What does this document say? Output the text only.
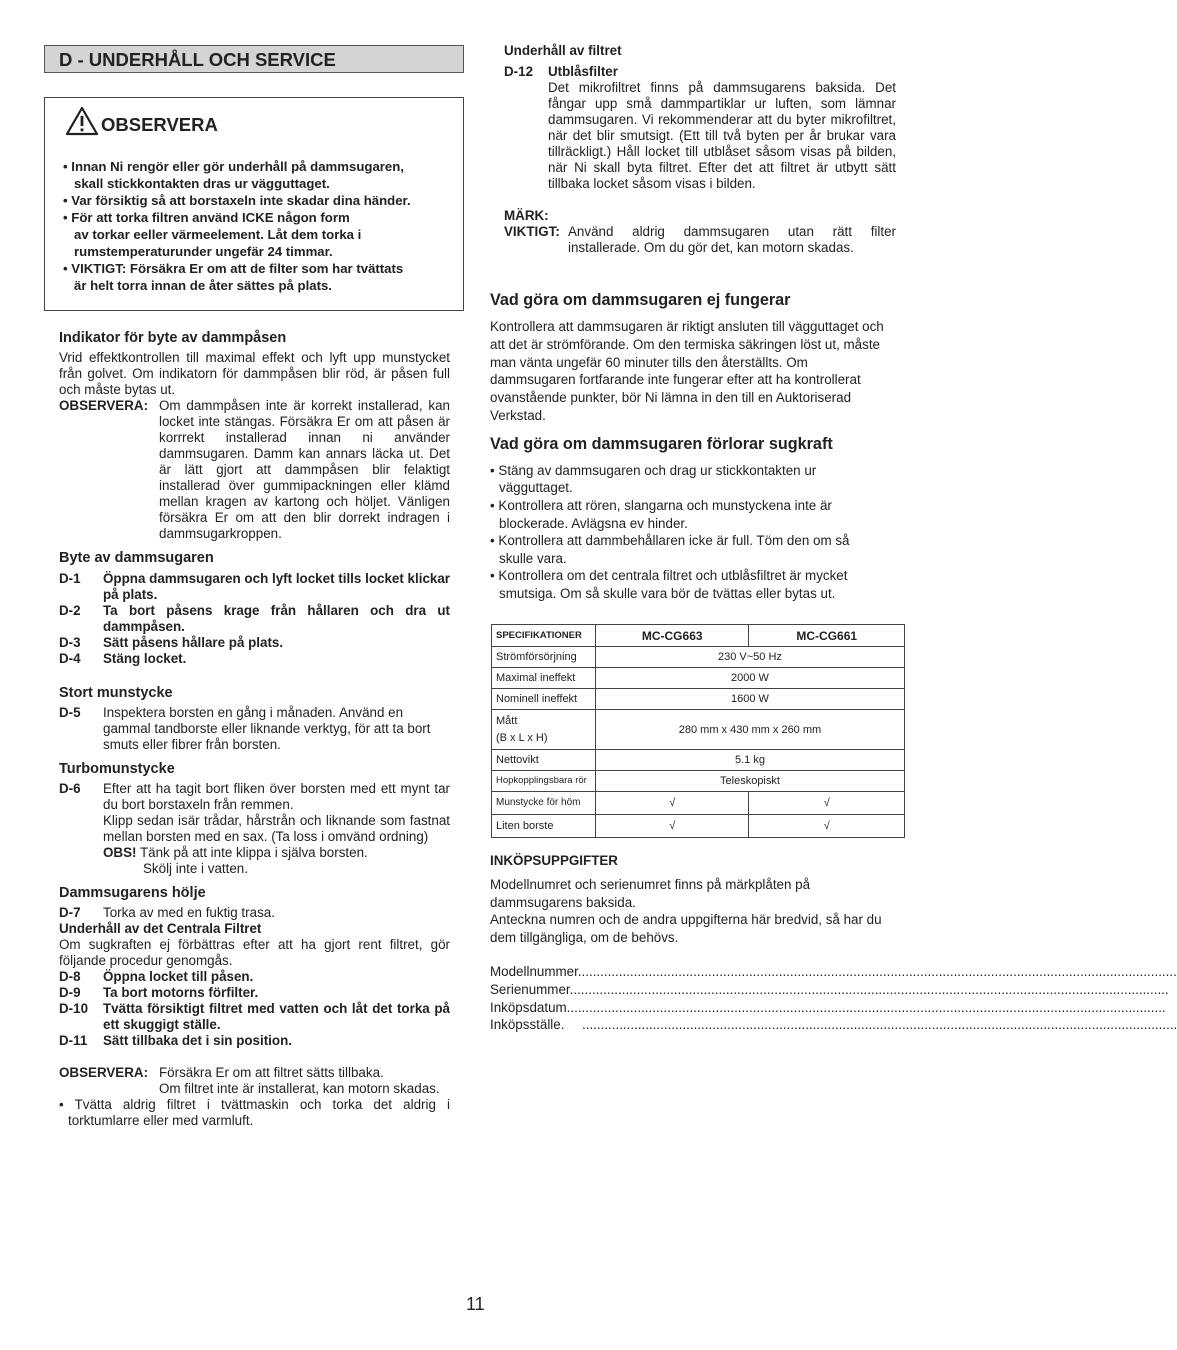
D - UNDERHÅLL OCH SERVICE
OBSERVERA
• Innan Ni rengör eller gör underhåll på dammsugaren,
skall stickkontakten dras ur vägguttaget.
• Var försiktig så att borstaxeln inte skadar dina händer.
• För att torka filtren använd ICKE någon form
av torkar eeller värmeelement. Låt dem torka i rumstemperaturunder ungefär 24 timmar.
• VIKTIGT: Försäkra Er om att de filter som har tvättats
är helt torra innan de åter sättes på plats.
Indikator för byte av dammpåsen
Vrid effektkontrollen till maximal effekt och lyft upp munstycket från golvet. Om indikatorn för dammpåsen blir röd, är påsen full och måste bytas ut.
OBSERVERA: Om dammpåsen inte är korrekt installerad, kan locket inte stängas. Försäkra Er om att påsen är korrrekt installerad innan ni använder dammsugaren. Damm kan annars läcka ut. Det är lätt gjort att dammpåsen blir felaktigt installerad över gummipackningen eller klämd mellan kragen av kartong och höljet. Vänligen försäkra Er om att den blir dorrekt indragen i dammsugarkroppen.
Byte av dammsugaren
D-1	Öppna dammsugaren och lyft locket tills locket klickar på plats.
D-2	Ta bort påsens krage från hållaren och dra ut dammpåsen.
D-3	Sätt påsens hållare på plats.
D-4	Stäng locket.
Stort munstycke
D-5	Inspektera borsten en gång i månaden. Använd en gammal tandborste eller liknande verktyg, för att ta bort smuts eller fibrer från borsten.
Turbomunstycke
D-6	Efter att ha tagit bort fliken över borsten med ett mynt tar du bort borstaxeln från remmen.
Klipp sedan isär trådar, hårstrån och liknande som fastnat mellan borsten med en sax. (Ta loss i omvänd ordning)
OBS! Tänk på att inte klippa i själva borsten.
Skölj inte i vatten.
Dammsugarens hölje
D-7	Torka av med en fuktig trasa.
Underhåll av det Centrala Filtret
Om sugkraften ej förbättras efter att ha gjort rent filtret, gör följande procedur genomgås.
D-8	Öppna locket till påsen.
D-9	Ta bort motorns förfilter.
D-10	Tvätta försiktigt filtret med vatten och låt det torka på ett skuggigt ställe.
D-11	Sätt tillbaka det i sin position.
OBSERVERA: Försäkra Er om att filtret sätts tillbaka.
Om filtret inte är installerat, kan motorn skadas.
• Tvätta aldrig filtret i tvättmaskin och torka det aldrig i torktumlarre eller med varmluft.
Underhåll av filtret
D-12	Utblåsfilter
Det mikrofiltret finns på dammsugarens baksida. Det fångar upp små dammpartiklar ur luften, som lämnar dammsugaren. Vi rekommenderar att du byter mikrofiltret, när det blir smutsigt. (Ett till två byten per år brukar vara tillräckligt.) Håll locket till utblåset såsom visas på bilden, när Ni skall byta filtret. Efter det att filtret är utbytt sätt tillbaka locket såsom visas i bilden.
MÄRK:
VIKTIGT: Använd aldrig dammsugaren utan rätt filter installerade. Om du gör det, kan motorn skadas.
Vad göra om dammsugaren ej fungerar
Kontrollera att dammsugaren är riktigt ansluten till vägguttaget och att det är strömförande. Om den termiska säkringen löst ut, måste man vänta ungefär 60 minuter tills den återställts. Om dammsugaren fortfarande inte fungerar efter att ha kontrollerat ovanstående punkter, bör Ni lämna in den till en Auktoriserad Verkstad.
Vad göra om dammsugaren förlorar sugkraft
• Stäng av dammsugaren och drag ur stickkontakten ur
vägguttaget.
• Kontrollera att rören, slangarna och munstyckena inte är
blockerade. Avlägsna ev hinder.
• Kontrollera att dammbehållaren icke är full. Töm den om så
skulle vara.
• Kontrollera om det centrala filtret och utblåsfiltret är mycket
smutsiga. Om så skulle vara bör de tvättas eller bytas ut.
SPECIFIKATIONER	MC-CG663	MC-CG661
Strömförsörjning	230 V~50 Hz	
Maximal ineffekt	2000 W	
Nominell ineffekt	1600 W	

Mått
(B x L x H)	280 mm x 430 mm x 260 mm	
Nettovikt	5.1 kg	
Hopkopplingsbara rör	Teleskopiskt	
Munstycke för höm	√	√
Liten borste	√	√
INKÖPSUPPGIFTER
Modellnumret och serienumret finns på märkplåten på dammsugarens baksida.
Anteckna numren och de andra uppgifterna här bredvid, så har du dem tillgängliga, om de behövs.
Modellnummer. ................................................................................................................................................................
Serienummer. ................................................................................................................................................................
Inköpsdatum. ................................................................................................................................................................
Inköpsställe.	................................................................................................................................................................
11
